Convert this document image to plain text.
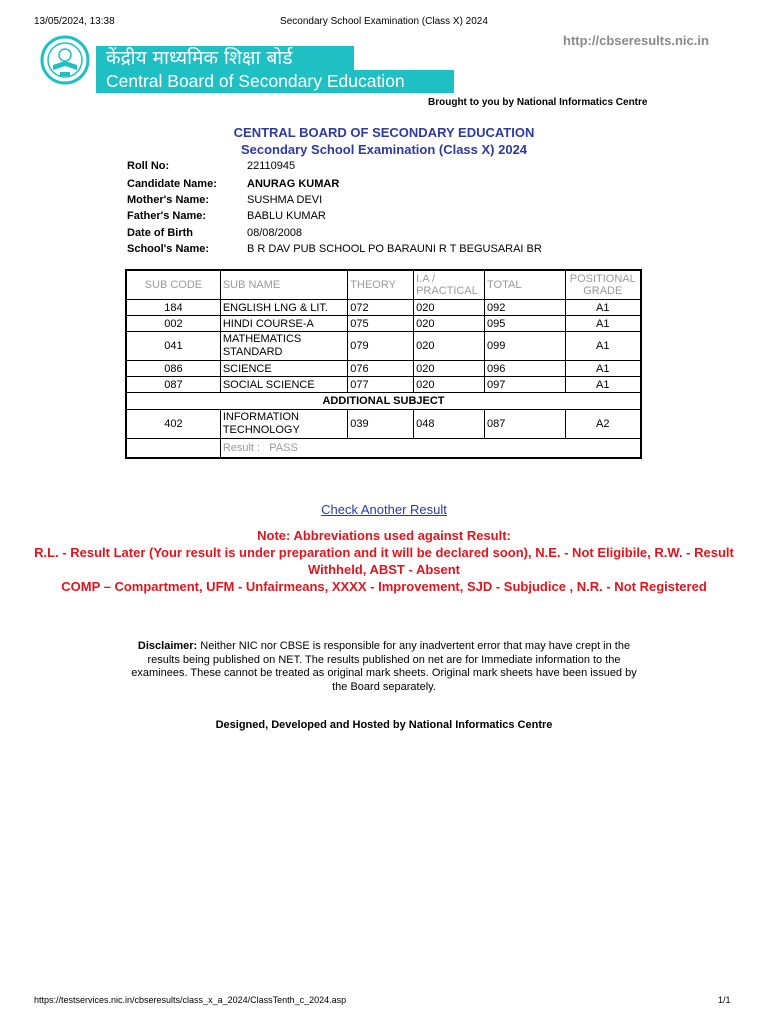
13/05/2024, 13:38	Secondary School Examination (Class X) 2024
केंद्रीय माध्यमिक शिक्षा बोर्ड
Central Board of Secondary Education
http://cbseresults.nic.in
Brought to you by National Informatics Centre
CENTRAL BOARD OF SECONDARY EDUCATION
Secondary School Examination (Class X) 2024
Roll No:	22110945
Candidate Name:	ANURAG KUMAR
Mother's Name:	SUSHMA DEVI
Father's Name:	BABLU KUMAR
Date of Birth	08/08/2008
School's Name:	B R DAV PUB SCHOOL PO BARAUNI R T BEGUSARAI BR
SUB CODE	SUB NAME	THEORY	I.A / PRACTICAL	TOTAL	POSITIONAL GRADE
184	ENGLISH LNG & LIT.	072	020	092	A1
002	HINDI COURSE-A	075	020	095	A1
041	MATHEMATICS STANDARD	079	020	099	A1
086	SCIENCE	076	020	096	A1
087	SOCIAL SCIENCE	077	020	097	A1
ADDITIONAL SUBJECT					
402	INFORMATION TECHNOLOGY	039	048	087	A2
	Result : PASS				
Check Another Result
Note: Abbreviations used against Result:
R.L. - Result Later (Your result is under preparation and it will be declared soon), N.E. - Not Eligibile, R.W. - Result Withheld, ABST - Absent
COMP – Compartment, UFM - Unfairmeans, XXXX - Improvement, SJD - Subjudice , N.R. - Not Registered
Disclaimer: Neither NIC nor CBSE is responsible for any inadvertent error that may have crept in the results being published on NET. The results published on net are for Immediate information to the examinees. These cannot be treated as original mark sheets. Original mark sheets have been issued by the Board separately.
Designed, Developed and Hosted by National Informatics Centre
https://testservices.nic.in/cbseresults/class_x_a_2024/ClassTenth_c_2024.asp	1/1
